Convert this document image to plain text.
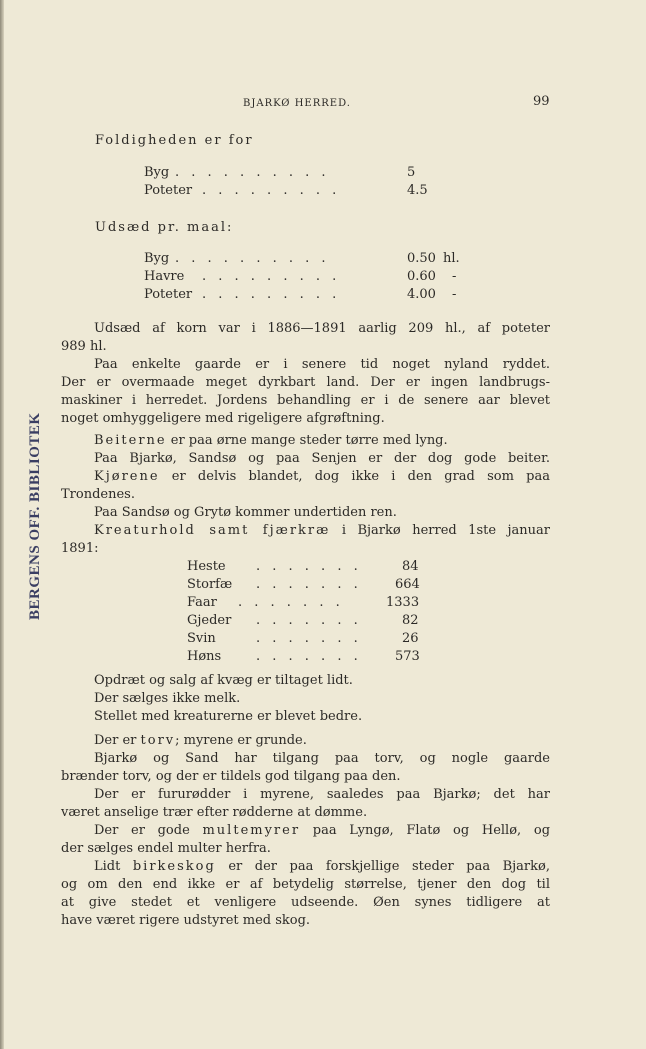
BERGENS OFF. BIBLIOTEK
BJARKØ HERRED.	99
Foldigheden er for
Byg . . . . . . . . . .	5
Poteter . . . . . . . . .	4.5
Udsæd pr. maal:
Byg . . . . . . . . . .	0.50 hl.
Havre . . . . . . . . .	0.60 -
Poteter . . . . . . . . .	4.00 -
Udsæd af korn var i 1886—1891 aarlig 209 hl., af poteter
989 hl.
Paa enkelte gaarde er i senere tid noget nyland ryddet.
Der er overmaade meget dyrkbart land. Der er ingen landbrugs-
maskiner i herredet. Jordens behandling er i de senere aar blevet
noget omhyggeligere med rigeligere afgrøftning.
Beiterne er paa ørne mange steder tørre med lyng.
Paa Bjarkø, Sandsø og paa Senjen er der dog gode beiter.
Kjørene er delvis blandet, dog ikke i den grad som paa
Trondenes.
Paa Sandsø og Grytø kommer undertiden ren.
Kreaturhold samt fjærkræ i Bjarkø herred 1ste januar
1891:
Heste . . . . . . .	84
Storfæ . . . . . . .	664
Faar . . . . . . .	1333
Gjeder . . . . . . .	82
Svin	. . . . . . .	26
Høns	. . . . . . .	573
Opdræt og salg af kvæg er tiltaget lidt.
Der sælges ikke melk.
Stellet med kreaturerne er blevet bedre.
Der er torv; myrene er grunde.
Bjarkø og Sand har tilgang paa torv, og nogle gaarde
brænder torv, og der er tildels god tilgang paa den.
Der er fururødder i myrene, saaledes paa Bjarkø; det har
været anselige trær efter rødderne at dømme.
Der er gode multemyrer paa Lyngø, Flatø og Hellø, og
der sælges endel multer herfra.
Lidt birkeskog er der paa forskjellige steder paa Bjarkø,
og om den end ikke er af betydelig størrelse, tjener den dog til
at give stedet et venligere udseende. Øen synes tidligere at
have været rigere udstyret med skog.
